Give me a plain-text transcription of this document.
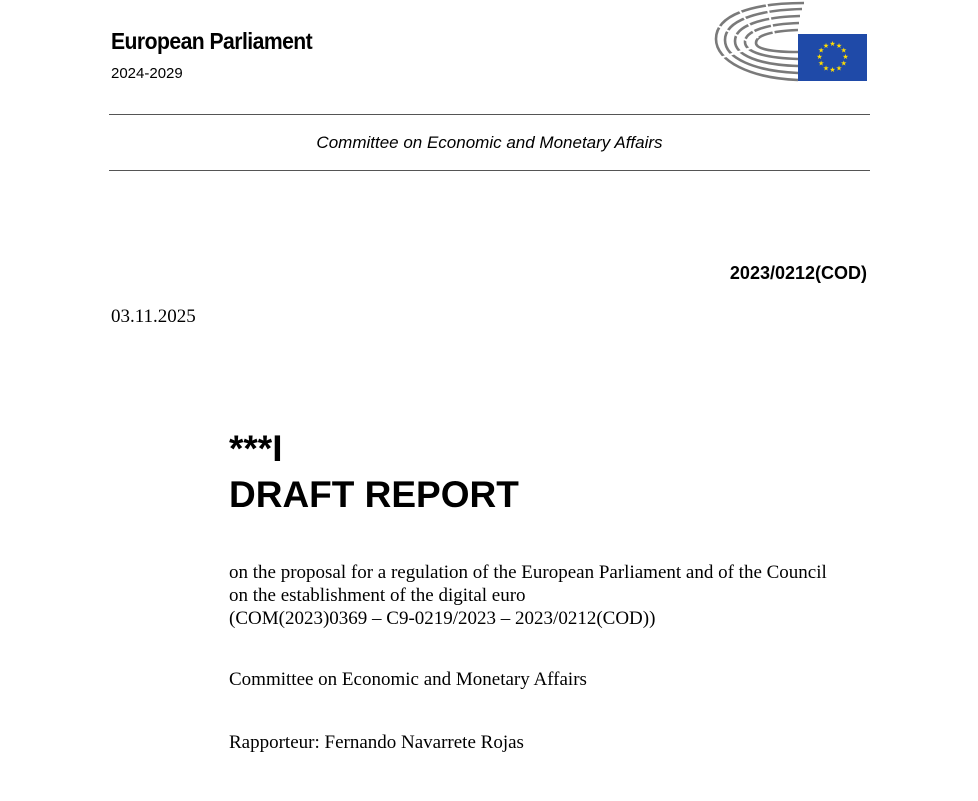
European Parliament
2024-2029
★ ★
★
★
★
★
★
★
★
★
★
★
Committee on Economic and Monetary Affairs
2023/0212(COD)
03.11.2025
***I
DRAFT REPORT
on the proposal for a regulation of the European Parliament and of the Council
on the establishment of the digital euro
(COM(2023)0369 – C9-0219/2023 – 2023/0212(COD))
Committee on Economic and Monetary Affairs
Rapporteur: Fernando Navarrete Rojas
